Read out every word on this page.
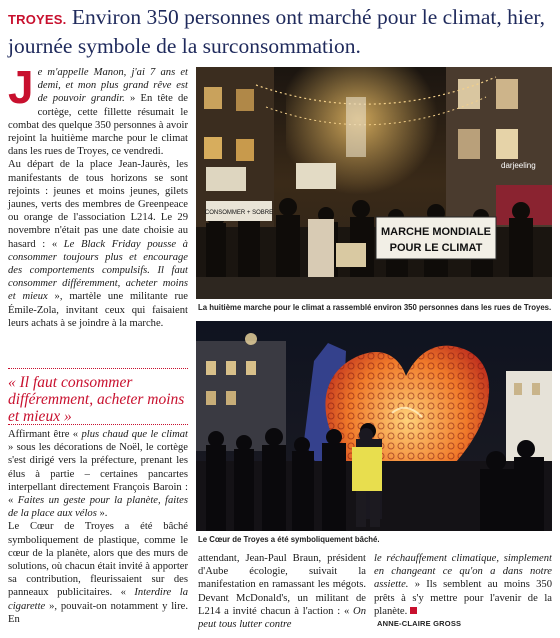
TROYES. Environ 350 personnes ont marché pour le climat, hier, journée symbole de la surconsommation.
J e m'appelle Manon, j'ai 7 ans et demi, et mon plus grand rêve est de pouvoir grandir. » En tête de cortège, cette fillette résumait le combat des quelque 350 personnes à avoir rejoint la huitième marche pour le climat dans les rues de Troyes, ce vendredi.
Au départ de la place Jean-Jaurès, les manifestants de tous horizons se sont rejoints : jeunes et moins jeunes, gilets jaunes, verts des membres de Greenpeace ou orange de l'association L214. Le 29 novembre n'était pas une date choisie au hasard : « Le Black Friday pousse à consommer toujours plus et encourage des comportements compulsifs. Il faut consommer différemment, acheter moins et mieux », martèle une militante rue Émile-Zola, invitant ceux qui faisaient leurs achats à se joindre à la marche.
« Il faut consommer différemment, acheter moins et mieux »
Affirmant être « plus chaud que le climat » sous les décorations de Noël, le cortège s'est dirigé vers la préfecture, prenant les élus à partie – certaines pancartes interpellant directement François Baroin : « Faites un geste pour la planète, faites de la place aux vélos ».
Le Cœur de Troyes a été bâché symboliquement de plastique, comme le cœur de la planète, alors que des murs de solutions, où chacun était invité à apporter sa contribution, fleurissaient sur des panneaux publicitaires. « Interdire la cigarette », pouvait-on notamment y lire. En
darjeeling
MARCHE MONDIALE
POUR LE CLIMAT
CONSOMMER + SOBRE
La huitième marche pour le climat a rassemblé environ 350 personnes dans les rues de Troyes.
Le Cœur de Troyes a été symboliquement bâché.
attendant, Jean-Paul Braun, président d'Aube écologie, suivait la manifestation en ramassant les mégots. Devant McDonald's, un militant de L214 a invité chacun à l'action : « On peut tous lutter contre
le réchauffement climatique, simplement en changeant ce qu'on a dans notre assiette. » Ils semblent au moins 350 prêts à s'y mettre pour l'avenir de la planète.
ANNE-CLAIRE GROSS
